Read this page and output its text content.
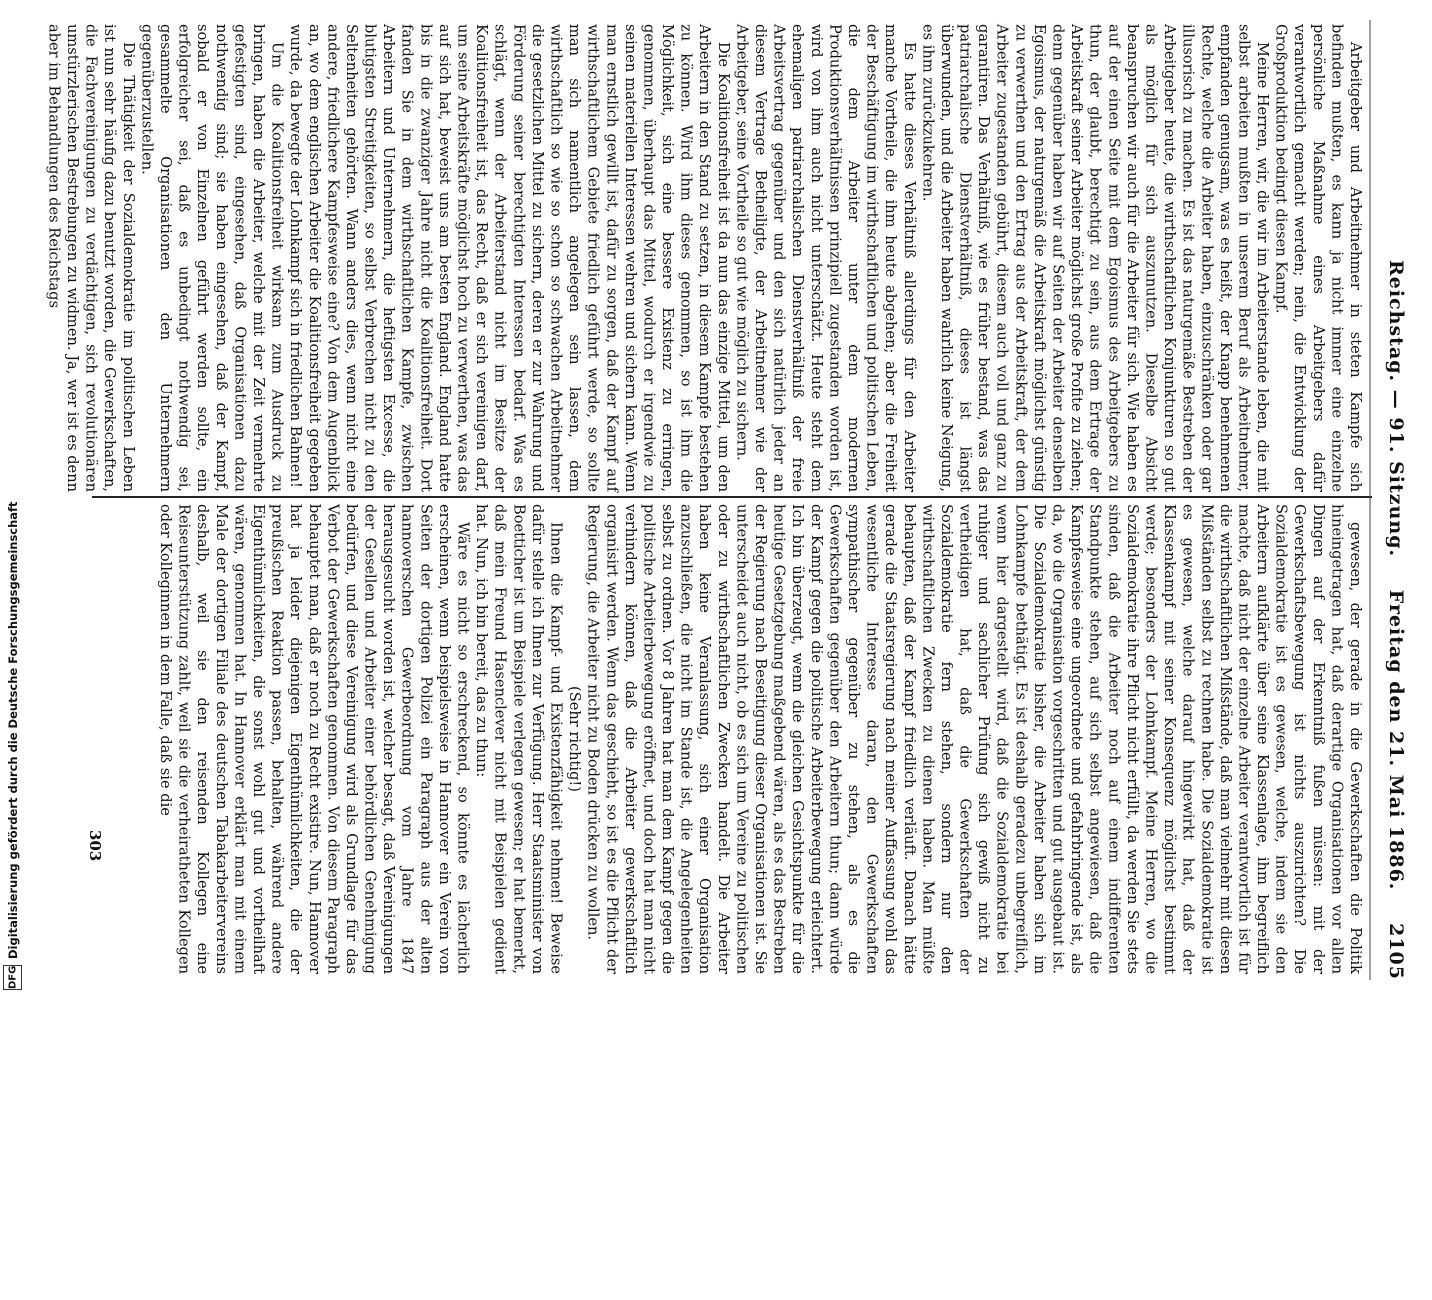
Reichstag. — 91. Sitzung.
Freitag den 21. Mai 1886.
2105

Arbeitgeber und Arbeitnehmer in steten Kampfe sich befinden mußten, es kann ja nicht immer eine einzelne persönliche Maßnahme eines Arbeitgebers dafür verantwortlich gemacht werden; nein, die Entwicklung der Großproduktion bedingt diesen Kampf.

Meine Herren, wir, die wir im Arbeiterstande leben, die mit selbst arbeiten mußten in unserem Beruf als Arbeitnehmer, empfanden genugsam, was es heißt, der Knapp benehmenen Rechte, welche die Arbeiter haben, einzuschränken oder gar illusorisch zu machen. Es ist das naturgemäße Bestreben der Arbeitgeber heute, die wirthschaftlichen Konjunkturen so gut als möglich für sich auszunutzen. Dieselbe Absicht beanspruchen wir auch für die Arbeiter für sich. Wie haben es auf der einen Seite mit dem Egoismus des Arbeitgebers zu thun, der glaubt, berechtigt zu sein, aus dem Ertrage der Arbeitskraft seiner Arbeiter möglichst große Profite zu ziehen; denn gegenüber haben wir auf Seiten der Arbeiter denselben Egoismus, der naturgemäß die Arbeitskraft möglichst günstig zu verwerthen und den Ertrag aus der Arbeitskraft, der dem Arbeiter zugestanden gebührt, diesem auch voll und ganz zu garantiren. Das Verhältniß, wie es früher bestand, was das patriarchalische Dienstverhältniß, dieses ist längst überwunden, und die Arbeiter haben wahrlich keine Neigung, es ihm zurückzukehren.

Es hatte dieses Verhältniß allerdings für den Arbeiter manche Vortheile, die ihm heute abgehen; aber die Freiheit der Beschäftigung im wirthschaftlichen und politischen Leben, die dem Arbeiter unter dem modernen Produktionsverhältnissen prinzipiell zugestanden worden ist, wird von ihm auch nicht unterschätzt. Heute steht dem ehemaligen patriarchalischen Dienstverhältniß der freie Arbeitsvertrag gegenüber und den sich natürlich jeder an diesem Vertrage Betheiligte, der Arbeitnehmer wie der Arbeitgeber, seine Vortheile so gut wie möglich zu sichern.

Die Koalitionsfreiheit ist da nun das einzige Mittel, um den Arbeitern in den Stand zu setzen, in diesem Kampfe bestehen zu können. Wird ihm dieses genommen, so ist ihm die Möglichkeit, sich eine bessere Existenz zu erringen, genommen, überhaupt das Mittel, wodurch er irgendwie zu seinen materiellen Interessen wehren und sichern kann. Wenn man ernstlich gewillt ist, dafür zu sorgen, daß der Kampf auf wirthschaftlichem Gebiete friedlich geführt werde, so sollte man sich namentlich angelegen sein lassen, dem wirthschaftlich so wie so schon so schwachen Arbeitnehmer die gesetzlichen Mittel zu sichern, deren er zur Wahrung und Förderung seiner berechtigten Interessen bedarf. Was es schlägt, wenn der Arbeiterstand nicht im Besitze der Koalitionsfreiheit ist, das Recht, daß er sich vereinigen darf, um seine Arbeitskräfte möglichst hoch zu verwerthen, was das auf sich hat, beweist uns am besten England. England hatte bis in die zwanziger Jahre nicht die Koalitionsfreiheit. Dort fanden Sie in dem wirthschaftlichen Kampfe, zwischen Arbeitern und Unternehmern, die heftigsten Excesse, die blutigsten Streitigkeiten, so selbst Verbrechen nicht zu den Seltenheiten gehörten. Wann anders dies, wenn nicht eine andere, friedlichere Kampfesweise eine? Von dem Augenblick an, wo dem englischen Arbeiter die Koalitionsfreiheit gegeben wurde, da bewegte der Lohnkampf sich in friedlichen Bahnen!

Um die Koalitionsfreiheit wirksam zum Ausdruck zu bringen, haben die Arbeiter, welche mit der Zeit vermehrte gefestigten sind, eingesehen, daß Organisationen dazu nothwendig sind; sie haben eingesehen, daß der Kampf, sobald er von Einzelnen geführt werden sollte, ein erfolgreicher sei, daß es unbedingt nothwendig sei, gesammelte Organisationen den Unternehmern gegenüberzustellen.

Die Thätigkeit der Sozialdemokratie im politischen Leben ist nun sehr häufig dazu benutzt worden, die Gewerkschaften, die Fachvereinigungen zu verdächtigen, sich revolutionären umstürzlerischen Bestrebungen zu widmen. Ja, wer ist es denn aber im Behandlungen des Reichstags

gewesen, der gerade in die Gewerkschaften die Politik hineingetragen hat, daß derartige Organisationen vor allen Dingen auf der Erkenntniß fußen müssen: mit der Gewerkschaftsbewegung ist nichts auszurichten? Die Sozialdemokratie ist es gewesen, welche, indem sie den Arbeitern aufklärte über seine Klassenlage, ihm begreiflich machte, daß nicht der einzelne Arbeiter verantwortlich ist für die wirthschaftlichen Mißstände, daß man vielmehr mit diesen Mißständen selbst zu rechnen habe. Die Sozialdemokratie ist es gewesen, welche darauf hingewirkt hat, daß der Klassenkampf mit seiner Konsequenz möglichst bestimmt werde; besonders der Lohnkampf. Meine Herren, wo die Sozialdemokratie ihre Pflicht nicht erfüllt, da werden Sie stets sinden, daß die Arbeiter noch auf einem indifferenten Standpunkte stehen, auf sich selbst angewiesen, daß die Kampfesweise eine ungeordnete und gefahrbringende ist, als da, wo die Organisation vorgeschritten und gut ausgebaut ist. Die Sozialdemokratie bisher, die Arbeiter haben sich im Lohnkampfe bethätigt. Es ist deshalb geradezu unbegreiflich, wenn hier dargestellt wird, daß die Sozialdemokratie bei ruhiger und sachlicher Prüfung sich gewiß nicht zu vertheidigen hat, daß die Gewerkschaften der Sozialdemokratie fern stehen, sondern nur den wirthschaftlichen Zwecken zu dienen haben. Man müßte behaupten, daß der Kampf friedlich verläuft. Danach hätte gerade die Staatsregierung nach meiner Auffassung wohl das wesentliche Interesse daran, den Gewerkschaften sympathischer gegenüber zu stehen, als es die Gewerkschaften gegenüber den Arbeitern thun; dann würde der Kampf gegen die politische Arbeiterbewegung erleichtert. Ich bin überzeugt, wenn die gleichen Gesichtspunkte für die heutige Gesetzgebung maßgebend wären, als es das Bestreben der Regierung nach Beseitigung dieser Organisationen ist. Sie unterscheidet auch nicht, ob es sich um Vereine zu politischen oder zu wirthschaftlichen Zwecken handelt. Die Arbeiter haben keine Veranlassung, sich einer Organisation anzuschließen, die nicht im Stande ist, die Angelegenheiten selbst zu ordnen. Vor 8 Jahren hat man dem Kampf gegen die politische Arbeiterbewegung eröffnet, und doch hat man nicht verhindern können, daß die Arbeiter gewerkschaftlich organisirt werden. Wenn das geschieht, so ist es die Pflicht der Regierung, die Arbeiter nicht zu Boden drücken zu wollen.

(Sehr richtig!)

Ihnen die Kampf- und Existenzfähigkeit nehmen! Beweise dafür stelle ich Ihnen zur Verfügung. Herr Staatsminister von Boetticher ist um Beispiele verlegen gewesen; er hat bemerkt, daß mein Freund Hasenclever nicht mit Beispielen gedient hat. Nun, ich bin bereit, das zu thun:

Wäre es nicht so erschreckend, so könnte es lächerlich erscheinen, wenn beispielsweise in Hannover ein Verein von Seiten der dortigen Polizei ein Paragraph aus der alten hannoverschen Gewerbeordnung vom Jahre 1847 herausgesucht worden ist, welcher besagt, daß Vereinigungen der Gesellen und Arbeiter einer behördlichen Genehmigung bedürfen, und diese Vereinigung wird als Grundlage für das Verbot der Gewerkschaften genommen. Von diesem Paragraph behauptet man, daß er noch zu Recht existire. Nun, Hannover hat ja leider diejenigen Eigenthümlichkeiten, die der preußischen Reaktion passen, behalten, während andere Eigenthümlichkeiten, die sonst wohl gut und vortheilhaft wären, genommen hat. In Hannover erklärt man mit einem Male der dortigen Filiale des deutschen Tabakarbeitervereins deshalb, weil sie den reisenden Kollegen eine Reiseunterstützung zahlt, weil sie die verheiratheten Kollegen oder Kolleginnen in dem Falle, daß sie die

303
DFG
Digitalisierung gefördert durch die Deutsche Forschungsgemeinschaft
